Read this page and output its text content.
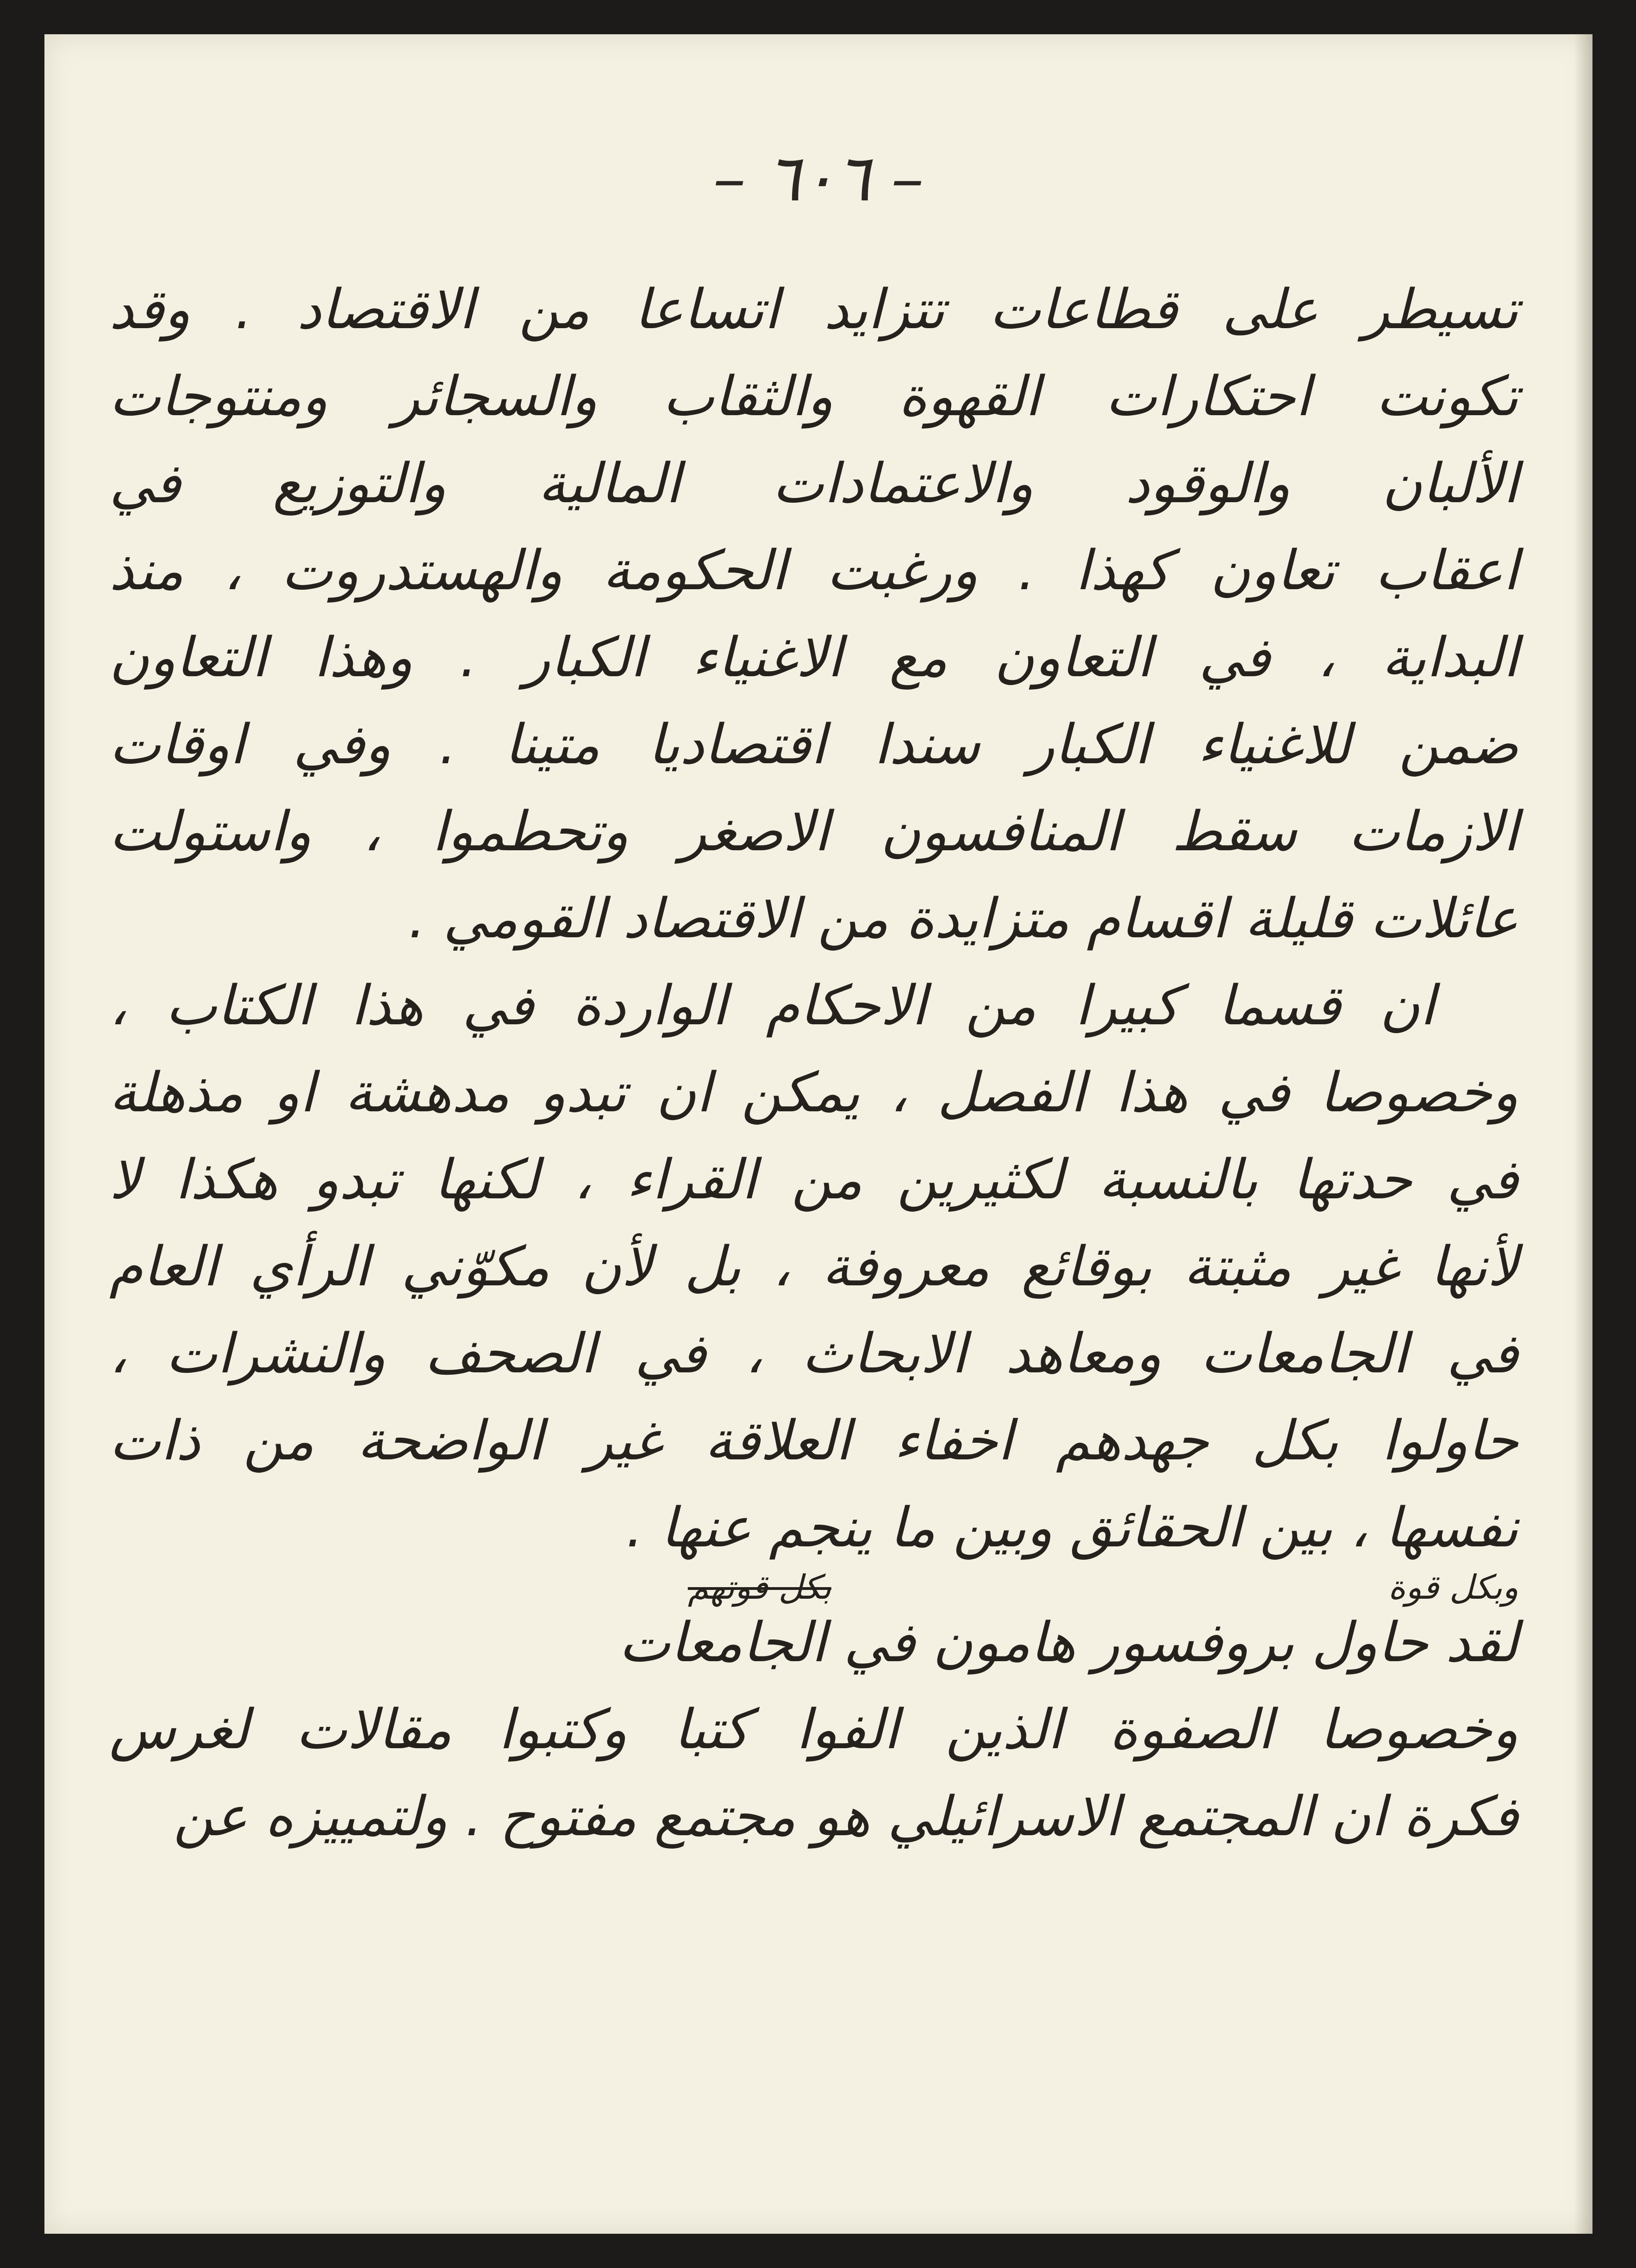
– ٦٠٦ –
تسيطر على قطاعات تتزايد اتساعا من الاقتصاد . وقد
تكونت احتكارات القهوة والثقاب والسجائر ومنتوجات
الألبان والوقود والاعتمادات المالية والتوزيع في
اعقاب تعاون كهذا . ورغبت الحكومة والهستدروت ، منذ
البداية ، في التعاون مع الاغنياء الكبار . وهذا التعاون
ضمن للاغنياء الكبار سندا اقتصاديا متينا . وفي اوقات
الازمات سقط المنافسون الاصغر وتحطموا ، واستولت
عائلات قليلة اقسام متزايدة من الاقتصاد القومي .
ان قسما كبيرا من الاحكام الواردة في هذا الكتاب ،
وخصوصا في هذا الفصل ، يمكن ان تبدو مدهشة او مذهلة
في حدتها بالنسبة لكثيرين من القراء ، لكنها تبدو هكذا لا
لأنها غير مثبتة بوقائع معروفة ، بل لأن مكوّني الرأي العام
في الجامعات ومعاهد الابحاث ، في الصحف والنشرات ،
حاولوا بكل جهدهم اخفاء العلاقة غير الواضحة من ذات
نفسها ، بين الحقائق وبين ما ينجم عنها .
وبكل قوة بكل قوتهم
لقد حاول بروفسور هامون في الجامعات
وخصوصا الصفوة الذين الفوا كتبا وكتبوا مقالات لغرس
فكرة ان المجتمع الاسرائيلي هو مجتمع مفتوح . ولتمييزه عن
